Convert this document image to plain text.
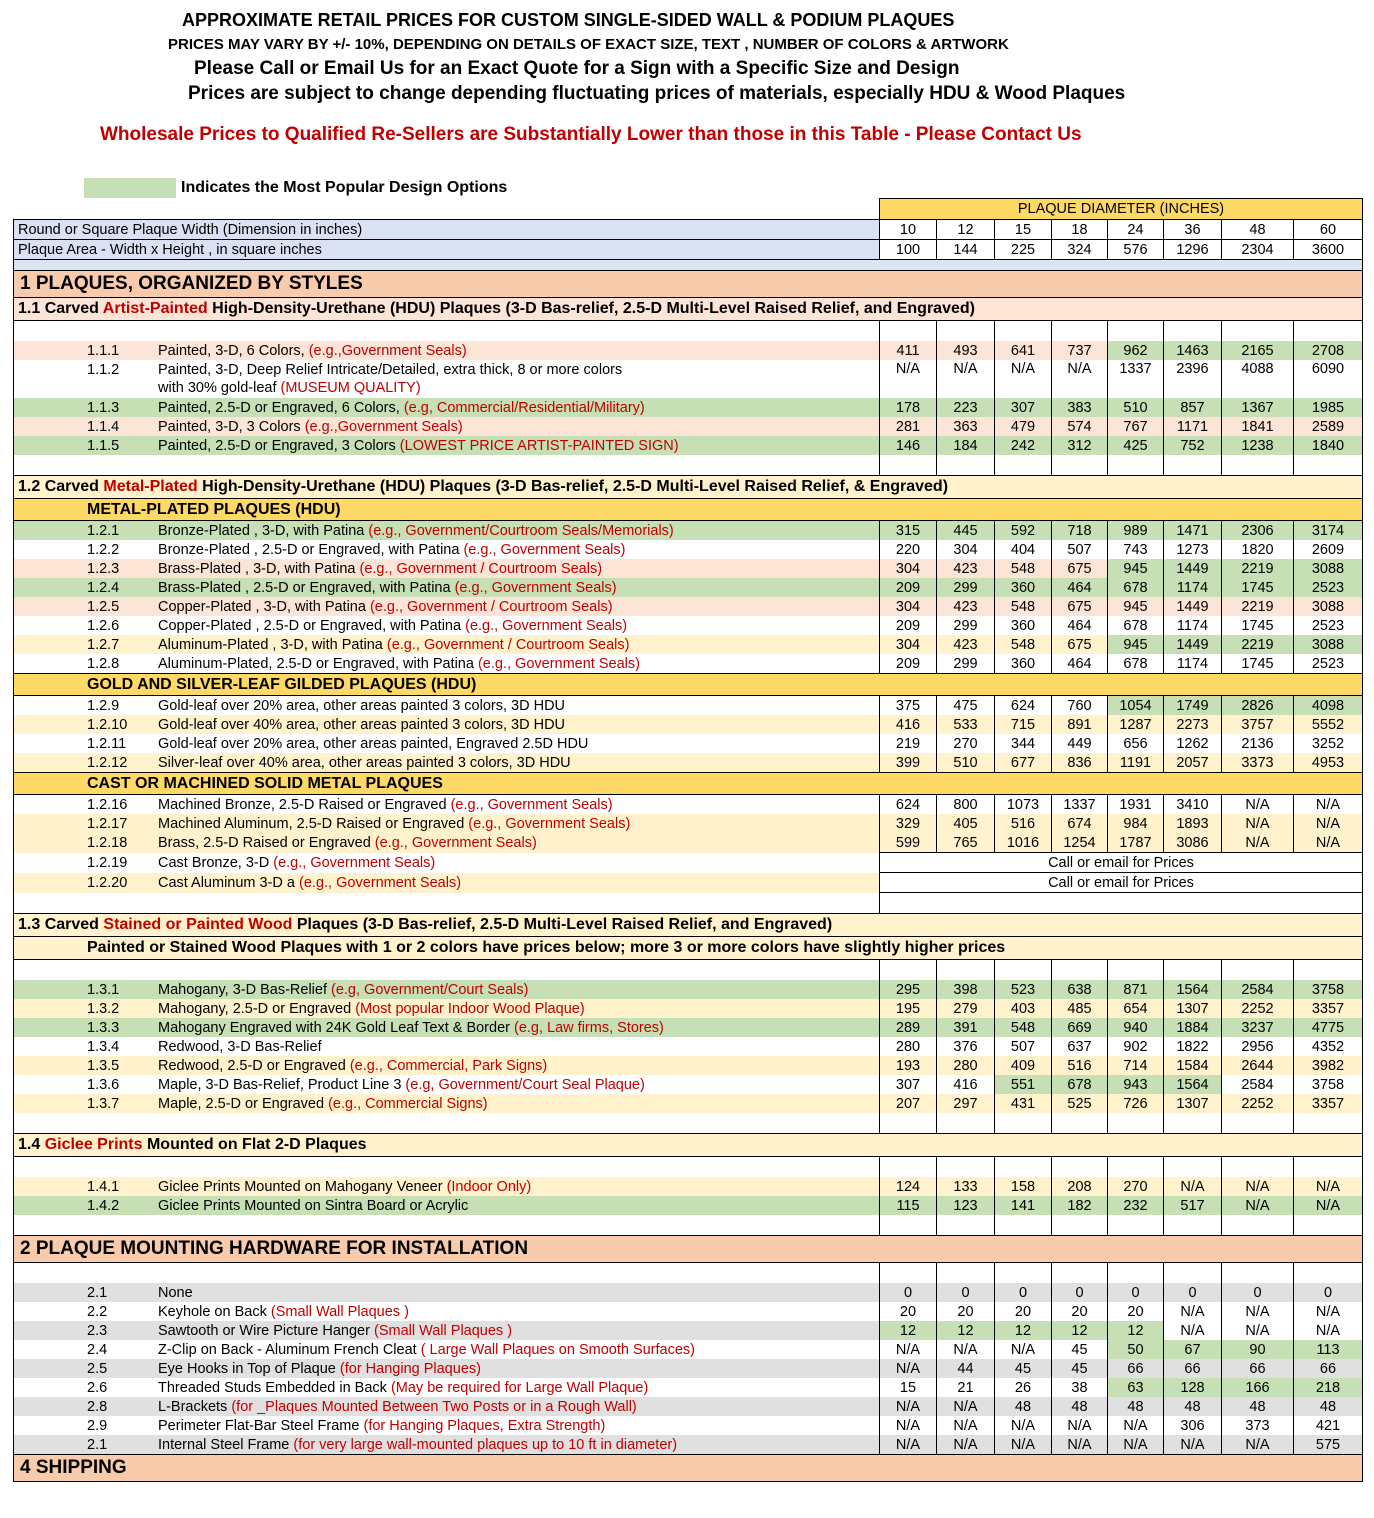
APPROXIMATE RETAIL PRICES FOR CUSTOM SINGLE-SIDED WALL & PODIUM PLAQUES
PRICES MAY VARY BY +/- 10%, DEPENDING ON DETAILS OF EXACT SIZE, TEXT , NUMBER OF COLORS & ARTWORK
Please Call or Email Us for an Exact Quote for a Sign with a Specific Size and Design
Prices are subject to change depending fluctuating prices of materials, especially HDU & Wood Plaques
Wholesale Prices to Qualified Re-Sellers are Substantially Lower than those in this Table - Please Contact Us
Indicates the Most Popular Design Options
	PLAQUE DIAMETER (INCHES)							
Round or Square Plaque Width (Dimension in inches)	10	12	15	18	24	36	48	60
Plaque Area - Width x Height , in square inches	100	144	225	324	576	1296	2304	3600

1 PLAQUES, ORGANIZED BY STYLES	
1.1 Carved Artist-Painted High-Density-Urethane (HDU) Plaques (3-D Bas-relief, 2.5-D Multi-Level Raised Relief, and Engraved)								

1.1.1 Painted, 3-D, 6 Colors, (e.g.,Government Seals)	411	493	641	737	962	1463	2165	2708

1.1.2 Painted, 3-D, Deep Relief Intricate/Detailed, extra thick, 8 or more colors
with 30% gold-leaf (MUSEUM QUALITY)	N/A	N/A	N/A	N/A	1337	2396	4088	6090

1.1.3 Painted, 2.5-D or Engraved, 6 Colors, (e.g, Commercial/Residential/Military)	178	223	307	383	510	857	1367	1985

1.1.4 Painted, 3-D, 3 Colors (e.g.,Government Seals)	281	363	479	574	767	1171	1841	2589

1.1.5 Painted, 2.5-D or Engraved, 3 Colors (LOWEST PRICE ARTIST-PAINTED SIGN)	146	184	242	312	425	752	1238	1840

1.2 Carved Metal-Plated High-Density-Urethane (HDU) Plaques (3-D Bas-relief, 2.5-D Multi-Level Raised Relief, & Engraved)								
METAL-PLATED PLAQUES (HDU)								

1.2.1 Bronze-Plated , 3-D, with Patina (e.g., Government/Courtroom Seals/Memorials)	315	445	592	718	989	1471	2306	3174

1.2.2 Bronze-Plated , 2.5-D or Engraved, with Patina (e.g., Government Seals)	220	304	404	507	743	1273	1820	2609

1.2.3 Brass-Plated , 3-D, with Patina (e.g., Government / Courtroom Seals)	304	423	548	675	945	1449	2219	3088

1.2.4 Brass-Plated , 2.5-D or Engraved, with Patina (e.g., Government Seals)	209	299	360	464	678	1174	1745	2523

1.2.5 Copper-Plated , 3-D, with Patina (e.g., Government / Courtroom Seals)	304	423	548	675	945	1449	2219	3088

1.2.6 Copper-Plated , 2.5-D or Engraved, with Patina (e.g., Government Seals)	209	299	360	464	678	1174	1745	2523

1.2.7 Aluminum-Plated , 3-D, with Patina (e.g., Government / Courtroom Seals)	304	423	548	675	945	1449	2219	3088

1.2.8 Aluminum-Plated, 2.5-D or Engraved, with Patina (e.g., Government Seals)	209	299	360	464	678	1174	1745	2523
GOLD AND SILVER-LEAF GILDED PLAQUES (HDU)								

1.2.9 Gold-leaf over 20% area, other areas painted 3 colors, 3D HDU	375	475	624	760	1054	1749	2826	4098

1.2.10 Gold-leaf over 40% area, other areas painted 3 colors, 3D HDU	416	533	715	891	1287	2273	3757	5552

1.2.11 Gold-leaf over 20% area, other areas painted, Engraved 2.5D HDU	219	270	344	449	656	1262	2136	3252

1.2.12 Silver-leaf over 40% area, other areas painted 3 colors, 3D HDU	399	510	677	836	1191	2057	3373	4953
CAST OR MACHINED SOLID METAL PLAQUES								

1.2.16 Machined Bronze, 2.5-D Raised or Engraved (e.g., Government Seals)	624	800	1073	1337	1931	3410	N/A	N/A

1.2.17 Machined Aluminum, 2.5-D Raised or Engraved (e.g., Government Seals)	329	405	516	674	984	1893	N/A	N/A

1.2.18 Brass, 2.5-D Raised or Engraved (e.g., Government Seals)	599	765	1016	1254	1787	3086	N/A	N/A

1.2.19 Cast Bronze, 3-D (e.g., Government Seals)	Call or email for Prices							

1.2.20 Cast Aluminum 3-D a (e.g., Government Seals)	Call or email for Prices							

1.3 Carved Stained or Painted Wood Plaques (3-D Bas-relief, 2.5-D Multi-Level Raised Relief, and Engraved)								
Painted or Stained Wood Plaques with 1 or 2 colors have prices below; more 3 or more colors have slightly higher prices								

1.3.1 Mahogany, 3-D Bas-Relief (e.g, Government/Court Seals)	295	398	523	638	871	1564	2584	3758

1.3.2 Mahogany, 2.5-D or Engraved (Most popular Indoor Wood Plaque)	195	279	403	485	654	1307	2252	3357

1.3.3 Mahogany Engraved with 24K Gold Leaf Text & Border (e.g, Law firms, Stores)	289	391	548	669	940	1884	3237	4775

1.3.4 Redwood, 3-D Bas-Relief	280	376	507	637	902	1822	2956	4352

1.3.5 Redwood, 2.5-D or Engraved (e.g., Commercial, Park Signs)	193	280	409	516	714	1584	2644	3982

1.3.6 Maple, 3-D Bas-Relief, Product Line 3 (e.g, Government/Court Seal Plaque)	307	416	551	678	943	1564	2584	3758

1.3.7 Maple, 2.5-D or Engraved (e.g., Commercial Signs)	207	297	431	525	726	1307	2252	3357

1.4 Giclee Prints Mounted on Flat 2-D Plaques								

1.4.1 Giclee Prints Mounted on Mahogany Veneer (Indoor Only)	124	133	158	208	270	N/A	N/A	N/A

1.4.2 Giclee Prints Mounted on Sintra Board or Acrylic	115	123	141	182	232	517	N/A	N/A

2 PLAQUE MOUNTING HARDWARE FOR INSTALLATION	

2.1 None	0	0	0	0	0	0	0	0

2.2 Keyhole on Back (Small Wall Plaques )	20	20	20	20	20	N/A	N/A	N/A

2.3 Sawtooth or Wire Picture Hanger (Small Wall Plaques )	12	12	12	12	12	N/A	N/A	N/A

2.4 Z-Clip on Back - Aluminum French Cleat ( Large Wall Plaques on Smooth Surfaces)	N/A	N/A	N/A	45	50	67	90	113

2.5 Eye Hooks in Top of Plaque (for Hanging Plaques)	N/A	44	45	45	66	66	66	66

2.6 Threaded Studs Embedded in Back (May be required for Large Wall Plaque)	15	21	26	38	63	128	166	218

2.8 L-Brackets (for _Plaques Mounted Between Two Posts or in a Rough Wall)	N/A	N/A	48	48	48	48	48	48

2.9 Perimeter Flat-Bar Steel Frame (for Hanging Plaques, Extra Strength)	N/A	N/A	N/A	N/A	N/A	306	373	421

2.1 Internal Steel Frame (for very large wall-mounted plaques up to 10 ft in diameter)	N/A	N/A	N/A	N/A	N/A	N/A	N/A	575
4 SHIPPING	
